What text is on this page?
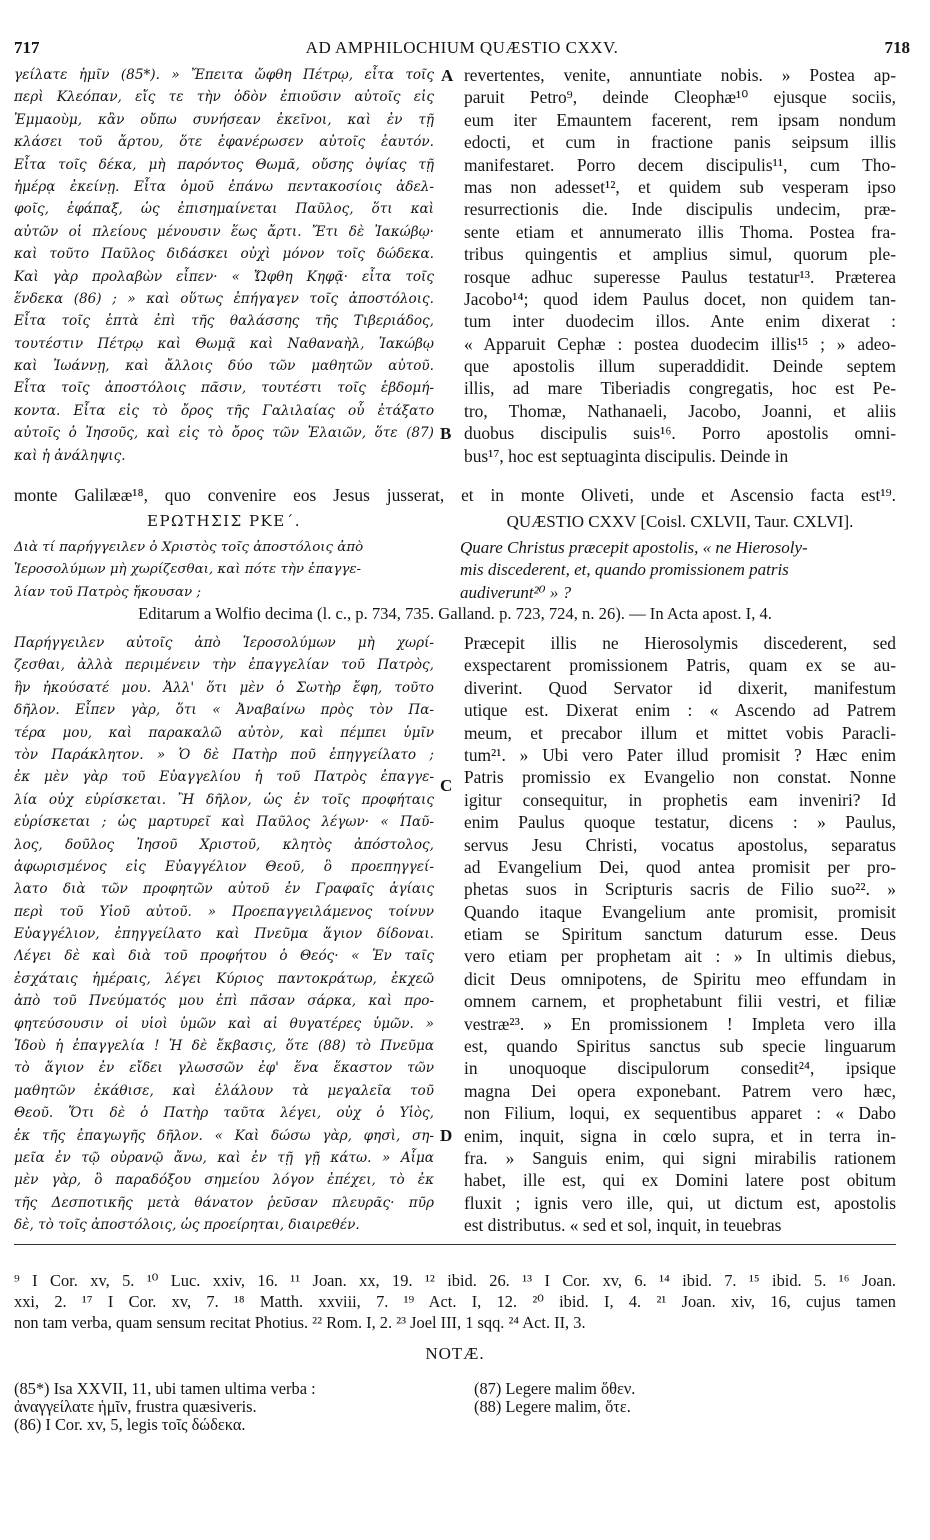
717	AD AMPHILOCHIUM QUÆSTIO CXXV.	718
γείλατε ἡμῖν (85*). » Ἔπειτα ὤφθη Πέτρῳ, εἶτα τοῖς
περὶ Κλεόπαν, εἴς τε τὴν ὁδὸν ἐπιοῦσιν αὐτοῖς εἰς
Ἐμμαοὺμ, κἂν οὔπω συνήσεαν ἐκεῖνοι, καὶ ἐν τῇ
κλάσει τοῦ ἄρτου, ὅτε ἐφανέρωσεν αὐτοῖς ἑαυτόν.
Εἶτα τοῖς δέκα, μὴ παρόντος Θωμᾶ, οὔσης ὀψίας τῇ
ἡμέρᾳ ἐκείνῃ. Εἶτα ὁμοῦ ἐπάνω πεντακοσίοις ἀδελ-
φοῖς, ἐφάπαξ, ὡς ἐπισημαίνεται Παῦλος, ὅτι καὶ
αὐτῶν οἱ πλείους μένουσιν ἕως ἄρτι. Ἔτι δὲ Ἰακώβῳ·
καὶ τοῦτο Παῦλος διδάσκει οὐχὶ μόνον τοῖς δώδεκα.
Καὶ γὰρ προλαβὼν εἶπεν· « Ὤφθη Κηφᾷ· εἶτα τοῖς
ἕνδεκα (86) ; » καὶ οὕτως ἐπήγαγεν τοῖς ἀποστόλοις.
Εἶτα τοῖς ἑπτὰ ἐπὶ τῆς θαλάσσης τῆς Τιβεριάδος,
τουτέστιν Πέτρῳ καὶ Θωμᾷ καὶ Ναθαναὴλ, Ἰακώβῳ
καὶ Ἰωάννῃ, καὶ ἄλλοις δύο τῶν μαθητῶν αὐτοῦ.
Εἶτα τοῖς ἀποστόλοις πᾶσιν, τουτέστι τοῖς ἑβδομή-
κοντα. Εἶτα εἰς τὸ ὄρος τῆς Γαλιλαίας οὗ ἐτάξατο
αὐτοῖς ὁ Ἰησοῦς, καὶ εἰς τὸ ὄρος τῶν Ἐλαιῶν, ὅτε (87)
καὶ ἡ ἀνάληψις.
revertentes, venite, annuntiate nobis. » Postea ap-
paruit Petro⁹, deinde Cleophæ¹⁰ ejusque sociis,
eum iter Emauntem facerent, rem ipsam nondum
edocti, et cum in fractione panis seipsum illis
manifestaret. Porro decem discipulis¹¹, cum Tho-
mas non adesset¹², et quidem sub vesperam ipso
resurrectionis die. Inde discipulis undecim, præ-
sente etiam et annumerato illis Thoma. Postea fra-
tribus quingentis et amplius simul, quorum ple-
rosque adhuc superesse Paulus testatur¹³. Præterea
Jacobo¹⁴; quod idem Paulus docet, non quidem tan-
tum inter duodecim illos. Ante enim dixerat :
« Apparuit Cephæ : postea duodecim illis¹⁵ ; » adeo-
que apostolis illum superaddidit. Deinde septem
illis, ad mare Tiberiadis congregatis, hoc est Pe-
tro, Thomæ, Nathanaeli, Jacobo, Joanni, et aliis
duobus discipulis suis¹⁶. Porro apostolis omni-
bus¹⁷, hoc est septuaginta discipulis. Deinde in
A
B
C
D
monte Galilææ¹⁸, quo convenire eos Jesus jusserat, et in monte Oliveti, unde et Ascensio facta est¹⁹.
ΕΡΩΤΗΣΙΣ ΡΚΕ΄.	QUÆSTIO CXXV [Coisl. CXLVII, Taur. CXLVI].
Διὰ τί παρήγγειλεν ὁ Χριστὸς τοῖς ἀποστόλοις ἀπὸ
Ἱεροσολύμων μὴ χωρίζεσθαι, καὶ πότε τὴν ἐπαγγε-
λίαν τοῦ Πατρὸς ἤκουσαν ;
Quare Christus præcepit apostolis, « ne Hierosoly-
mis discederent, et, quando promissionem patris
audiverunt²⁰ » ?
Editarum a Wolfio decima (l. c., p. 734, 735. Galland. p. 723, 724, n. 26). — In Acta apost. I, 4.
Παρήγγειλεν αὐτοῖς ἀπὸ Ἱεροσολύμων μὴ χωρί-
ζεσθαι, ἀλλὰ περιμένειν τὴν ἐπαγγελίαν τοῦ Πατρὸς,
ἣν ἠκούσατέ μου. Ἀλλ' ὅτι μὲν ὁ Σωτὴρ ἔφη, τοῦτο
δῆλον. Εἶπεν γὰρ, ὅτι « Ἀναβαίνω πρὸς τὸν Πα-
τέρα μου, καὶ παρακαλῶ αὐτὸν, καὶ πέμπει ὑμῖν
τὸν Παράκλητον. » Ὁ δὲ Πατὴρ ποῦ ἐπηγγείλατο ;
ἐκ μὲν γὰρ τοῦ Εὐαγγελίου ἡ τοῦ Πατρὸς ἐπαγγε-
λία οὐχ εὑρίσκεται. Ἢ δῆλον, ὡς ἐν τοῖς προφήταις
εὑρίσκεται ; ὡς μαρτυρεῖ καὶ Παῦλος λέγων· « Παῦ-
λος, δοῦλος Ἰησοῦ Χριστοῦ, κλητὸς ἀπόστολος,
ἀφωρισμένος εἰς Εὐαγγέλιον Θεοῦ, ὃ προεπηγγεί-
λατο διὰ τῶν προφητῶν αὐτοῦ ἐν Γραφαῖς ἁγίαις
περὶ τοῦ Υἱοῦ αὐτοῦ. » Προεπαγγειλάμενος τοίνυν
Εὐαγγέλιον, ἐπηγγείλατο καὶ Πνεῦμα ἅγιον δίδοναι.
Λέγει δὲ καὶ διὰ τοῦ προφήτου ὁ Θεός· « Ἐν ταῖς
ἐσχάταις ἡμέραις, λέγει Κύριος παντοκράτωρ, ἐκχεῶ
ἀπὸ τοῦ Πνεύματός μου ἐπὶ πᾶσαν σάρκα, καὶ προ-
φητεύσουσιν οἱ υἱοὶ ὑμῶν καὶ αἱ θυγατέρες ὑμῶν. »
Ἰδοὺ ἡ ἐπαγγελία ! Ἡ δὲ ἔκβασις, ὅτε (88) τὸ Πνεῦμα
τὸ ἅγιον ἐν εἴδει γλωσσῶν ἐφ' ἕνα ἕκαστον τῶν
μαθητῶν ἐκάθισε, καὶ ἐλάλουν τὰ μεγαλεῖα τοῦ
Θεοῦ. Ὅτι δὲ ὁ Πατὴρ ταῦτα λέγει, οὐχ ὁ Υἱὸς,
ἐκ τῆς ἐπαγωγῆς δῆλον. « Καὶ δώσω γὰρ, φησὶ, ση-
μεῖα ἐν τῷ οὐρανῷ ἄνω, καὶ ἐν τῇ γῇ κάτω. » Αἷμα
μὲν γὰρ, ὃ παραδόξου σημείου λόγον ἐπέχει, τὸ ἐκ
τῆς Δεσποτικῆς μετὰ θάνατον ῥεῦσαν πλευρᾶς· πῦρ
δὲ, τὸ τοῖς ἀποστόλοις, ὡς προείρηται, διαιρεθέν.
Præcepit illis ne Hierosolymis discederent, sed
exspectarent promissionem Patris, quam ex se au-
diverint. Quod Servator id dixerit, manifestum
utique est. Dixerat enim : « Ascendo ad Patrem
meum, et precabor illum et mittet vobis Paracli-
tum²¹. » Ubi vero Pater illud promisit ? Hæc enim
Patris promissio ex Evangelio non constat. Nonne
igitur consequitur, in prophetis eam inveniri? Id
enim Paulus quoque testatur, dicens : » Paulus,
servus Jesu Christi, vocatus apostolus, separatus
ad Evangelium Dei, quod antea promisit per pro-
phetas suos in Scripturis sacris de Filio suo²². »
Quando itaque Evangelium ante promisit, promisit
etiam se Spiritum sanctum daturum esse. Deus
vero etiam per prophetam ait : » In ultimis diebus,
dicit Deus omnipotens, de Spiritu meo effundam in
omnem carnem, et prophetabunt filii vestri, et filiæ
vestræ²³. » En promissionem ! Impleta vero illa
est, quando Spiritus sanctus sub specie linguarum
in unoquoque discipulorum consedit²⁴, ipsique
magna Dei opera exponebant. Patrem vero hæc,
non Filium, loqui, ex sequentibus apparet : « Dabo
enim, inquit, signa in cœlo supra, et in terra in-
fra. » Sanguis enim, qui signi mirabilis rationem
habet, ille est, qui ex Domini latere post obitum
fluxit ; ignis vero ille, qui, ut dictum est, apostolis
est distributus. « sed et sol, inquit, in teuebras
⁹ I Cor. xv, 5. ¹⁰ Luc. xxiv, 16. ¹¹ Joan. xx, 19. ¹² ibid. 26. ¹³ I Cor. xv, 6. ¹⁴ ibid. 7. ¹⁵ ibid. 5. ¹⁶ Joan.
xxi, 2. ¹⁷ I Cor. xv, 7. ¹⁸ Matth. xxviii, 7. ¹⁹ Act. I, 12. ²⁰ ibid. I, 4. ²¹ Joan. xiv, 16, cujus tamen
non tam verba, quam sensum recitat Photius. ²² Rom. I, 2. ²³ Joel III, 1 sqq. ²⁴ Act. II, 3.
NOTÆ.
(85*) Isa XXVII, 11, ubi tamen ultima verba :
ἀναγγείλατε ἡμῖν, frustra quæsiveris.
(86) I Cor. xv, 5, legis τοῖς δώδεκα.
(87) Legere malim ὅθεν.
(88) Legere malim, ὅτε.
